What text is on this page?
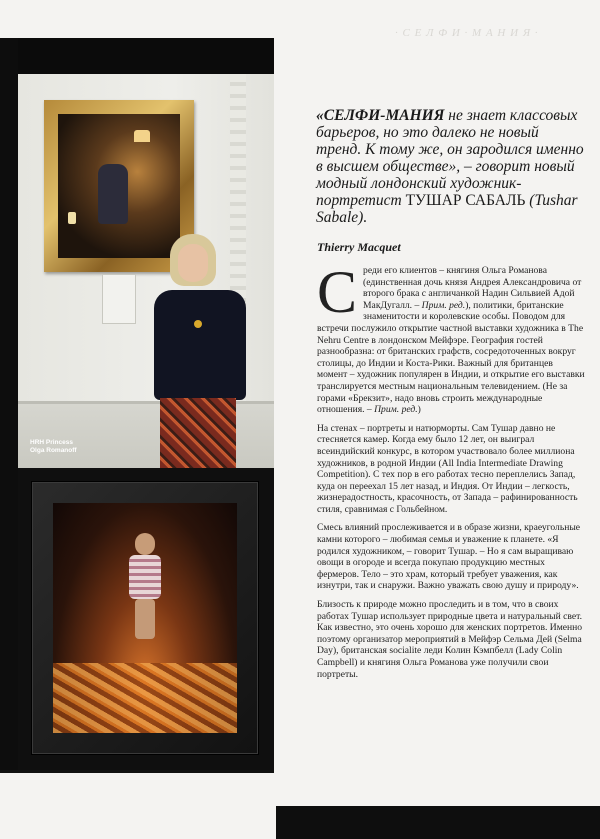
· С Е Л Ф И · М А Н И Я ·
HRH Princess
Olga Romanoff
«СЕЛФИ-МАНИЯ не знает классовых барьеров, но это далеко не новый тренд. К тому же, он зародился именно в высшем обществе», – говорит новый модный лондонский художник-портретист ТУШАР САБАЛЬ (Tushar Sabale).
Thierry Macquet

Среди его клиентов – княгиня Ольга Романова (единственная дочь князя Андрея Александровича от второго брака с англичанкой Надин Сильвией Адой МакДугалл. – Прим. ред.), политики, британские знаменитости и королевские особы. Поводом для встречи послужило открытие частной выставки художника в The Nehru Centre в лондонском Мейфэре. География гостей разнообразна: от британских графств, сосредоточенных вокруг столицы, до Индии и Коста-Рики. Важный для британцев момент – художник популярен в Индии, и открытие его выставки транслируется местным национальным телевидением. (Не за горами «Брекзит», надо вновь строить международные отношения. – Прим. ред.)

На стенах – портреты и натюрморты. Сам Тушар давно не стесняется камер. Когда ему было 12 лет, он выиграл всеиндийский конкурс, в котором участвовало более миллиона художников, в родной Индии (All India Intermediate Drawing Competition). С тех пор в его работах тесно переплелись Запад, куда он переехал 15 лет назад, и Индия. От Индии – легкость, жизнерадостность, красочность, от Запада – рафинированность стиля, сравнимая с Гольбейном.

Смесь влияний прослеживается и в образе жизни, краеугольные камни которого – любимая семья и уважение к планете. «Я родился художником, – говорит Тушар. – Но я сам выращиваю овощи в огороде и всегда покупаю продукцию местных фермеров. Тело – это храм, который требует уважения, как изнутри, так и снаружи. Важно уважать свою душу и природу».

Близость к природе можно проследить и в том, что в своих работах Тушар использует природные цвета и натуральный свет.

Как известно, это очень хорошо для женских портретов. Именно поэтому организатор мероприятий в Мейфэр Сельма Дей (Selma Day), британская socialite леди Колин Кэмпбелл (Lady Colin Campbell) и княгиня Ольга Романова уже получили свои портреты.
